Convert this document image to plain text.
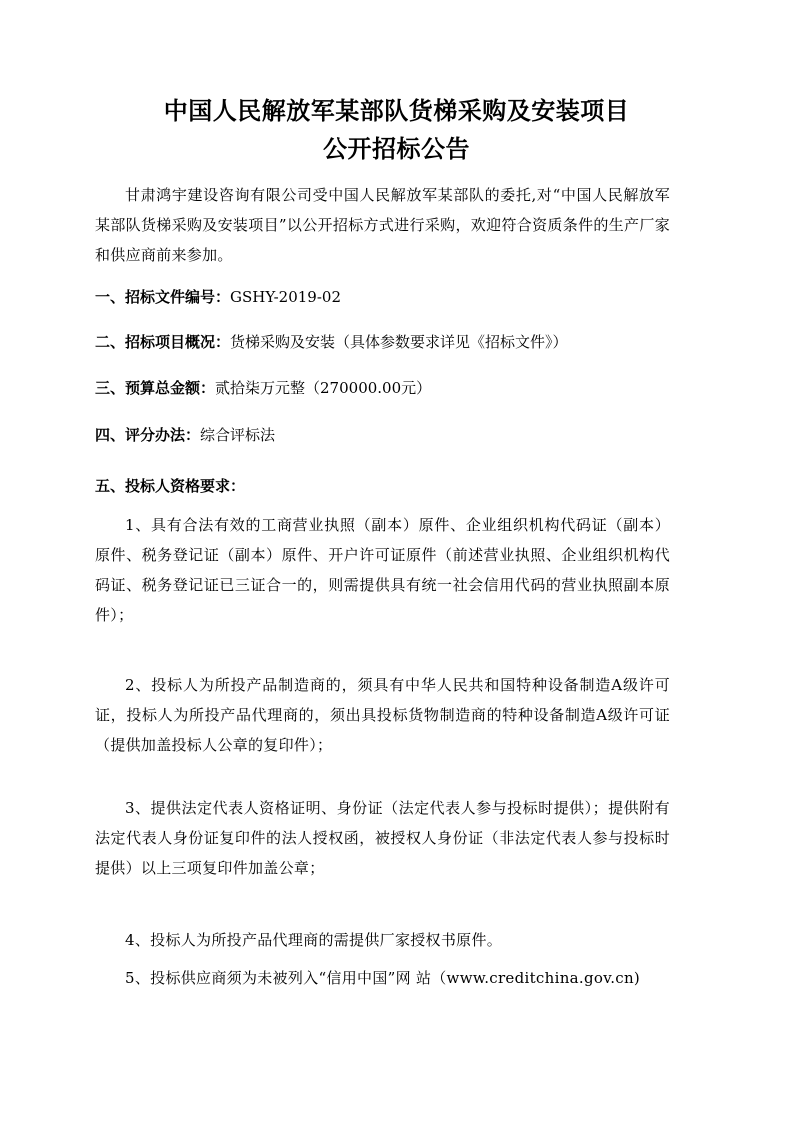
中国人民解放军某部队货梯采购及安装项目
公开招标公告
甘肃鸿宇建设咨询有限公司受中国人民解放军某部队的委托,对“中国人民解放军某部队货梯采购及安装项目”以公开招标方式进行采购，欢迎符合资质条件的生产厂家和供应商前来参加。
一、招标文件编号：GSHY-2019-02
二、招标项目概况：货梯采购及安装（具体参数要求详见《招标文件》）
三、预算总金额：贰拾柒万元整（270000.00元）
四、评分办法：综合评标法
五、投标人资格要求：
1、具有合法有效的工商营业执照（副本）原件、企业组织机构代码证（副本）原件、税务登记证（副本）原件、开户许可证原件（前述营业执照、企业组织机构代码证、税务登记证已三证合一的，则需提供具有统一社会信用代码的营业执照副本原件）；
2、投标人为所投产品制造商的，须具有中华人民共和国特种设备制造A级许可证，投标人为所投产品代理商的，须出具投标货物制造商的特种设备制造A级许可证（提供加盖投标人公章的复印件）；
3、提供法定代表人资格证明、身份证（法定代表人参与投标时提供）；提供附有法定代表人身份证复印件的法人授权函，被授权人身份证（非法定代表人参与投标时提供）以上三项复印件加盖公章；
4、投标人为所投产品代理商的需提供厂家授权书原件。
5、投标供应商须为未被列入“信用中国”网 站（www.creditchina.gov.cn)
